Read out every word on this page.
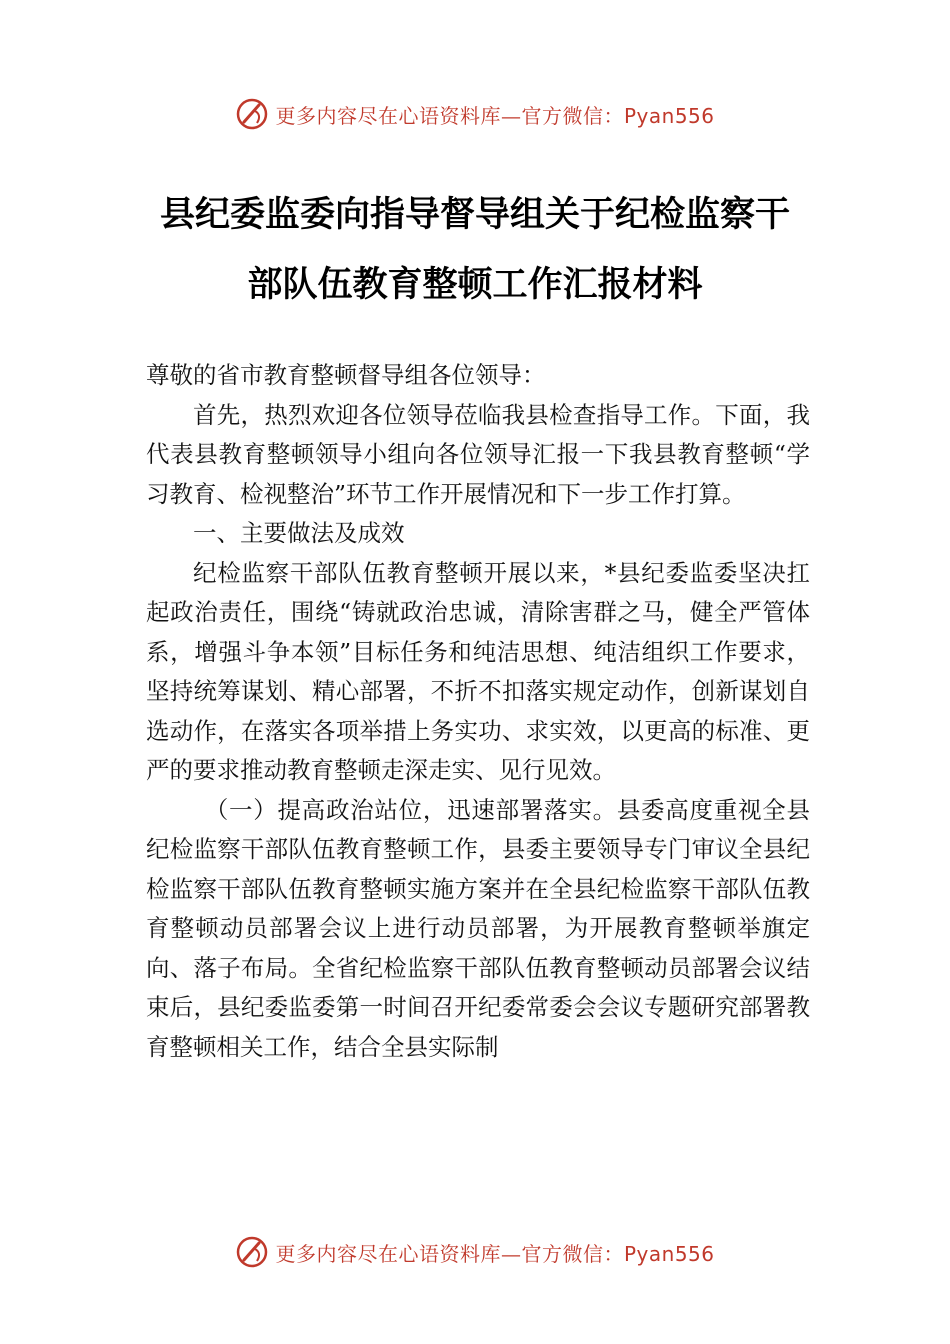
更多内容尽在心语资料库—官方微信：Pyan556
县纪委监委向指导督导组关于纪检监察干
部队伍教育整顿工作汇报材料

尊敬的省市教育整顿督导组各位领导：

首先，热烈欢迎各位领导莅临我县检查指导工作。下面，我代表县教育整顿领导小组向各位领导汇报一下我县教育整顿“学习教育、检视整治”环节工作开展情况和下一步工作打算。

一、主要做法及成效

纪检监察干部队伍教育整顿开展以来，*县纪委监委坚决扛起政治责任，围绕“铸就政治忠诚，清除害群之马，健全严管体系，增强斗争本领”目标任务和纯洁思想、纯洁组织工作要求，坚持统筹谋划、精心部署，不折不扣落实规定动作，创新谋划自选动作，在落实各项举措上务实功、求实效，以更高的标准、更严的要求推动教育整顿走深走实、见行见效。

（一）提高政治站位，迅速部署落实。县委高度重视全县纪检监察干部队伍教育整顿工作，县委主要领导专门审议全县纪检监察干部队伍教育整顿实施方案并在全县纪检监察干部队伍教育整顿动员部署会议上进行动员部署，为开展教育整顿举旗定向、落子布局。全省纪检监察干部队伍教育整顿动员部署会议结束后，县纪委监委第一时间召开纪委常委会会议专题研究部署教育整顿相关工作，结合全县实际制

更多内容尽在心语资料库—官方微信：Pyan556
